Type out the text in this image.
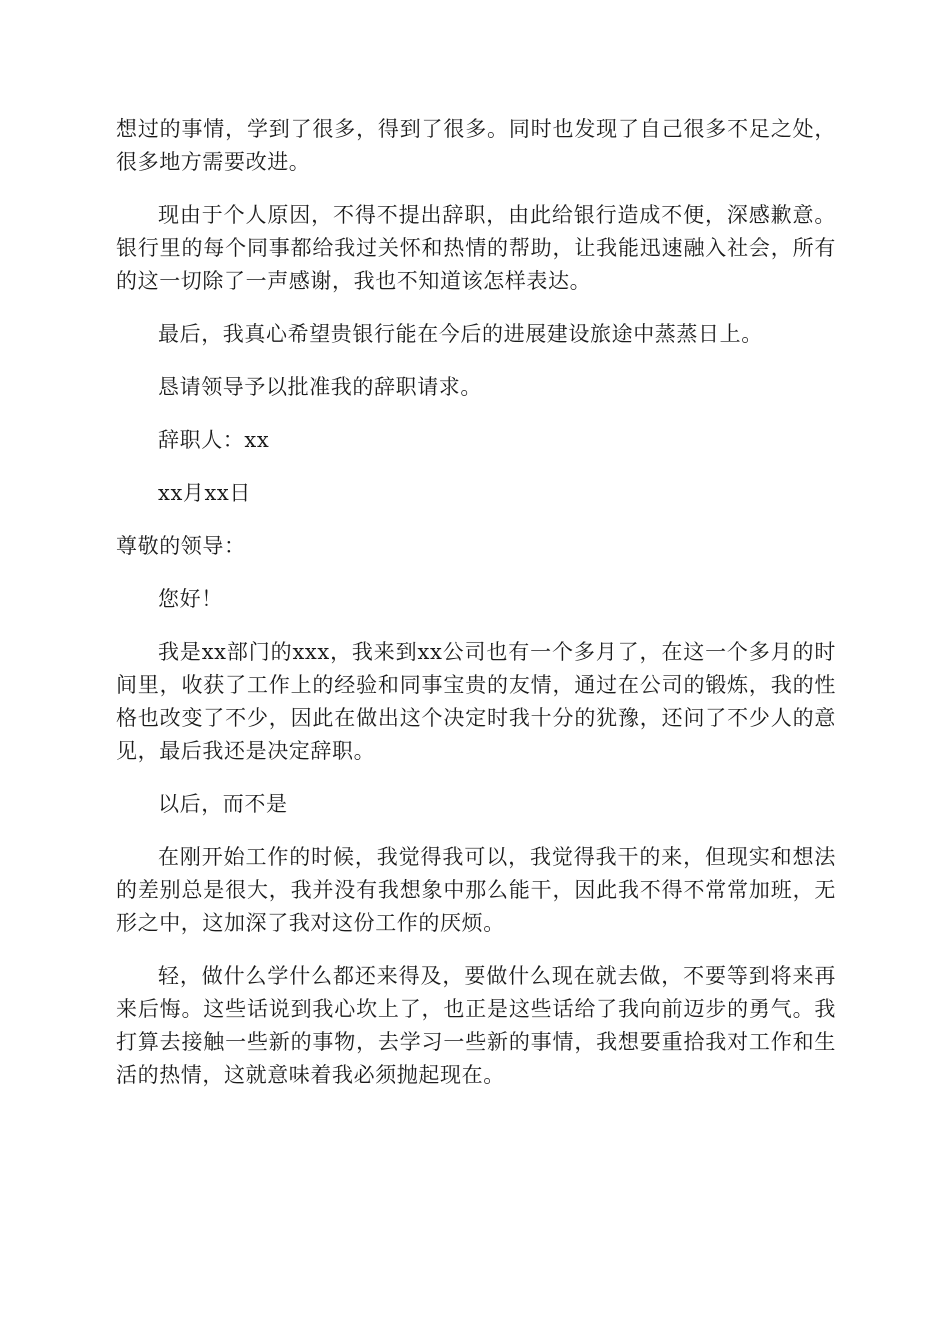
想过的事情，学到了很多，得到了很多。同时也发现了自己很多不足之处，很多地方需要改进。

现由于个人原因，不得不提出辞职，由此给银行造成不便，深感歉意。银行里的每个同事都给我过关怀和热情的帮助，让我能迅速融入社会，所有的这一切除了一声感谢，我也不知道该怎样表达。

最后，我真心希望贵银行能在今后的进展建设旅途中蒸蒸日上。

恳请领导予以批准我的辞职请求。

辞职人：xx

xx月xx日

尊敬的领导：

您好！

我是xx部门的xxx，我来到xx公司也有一个多月了，在这一个多月的时间里，收获了工作上的经验和同事宝贵的友情，通过在公司的锻炼，我的性格也改变了不少，因此在做出这个决定时我十分的犹豫，还问了不少人的意见，最后我还是决定辞职。

以后，而不是

在刚开始工作的时候，我觉得我可以，我觉得我干的来，但现实和想法的差别总是很大，我并没有我想象中那么能干，因此我不得不常常加班，无形之中，这加深了我对这份工作的厌烦。

轻，做什么学什么都还来得及，要做什么现在就去做，不要等到将来再来后悔。这些话说到我心坎上了，也正是这些话给了我向前迈步的勇气。我打算去接触一些新的事物，去学习一些新的事情，我想要重拾我对工作和生活的热情，这就意味着我必须抛起现在。
